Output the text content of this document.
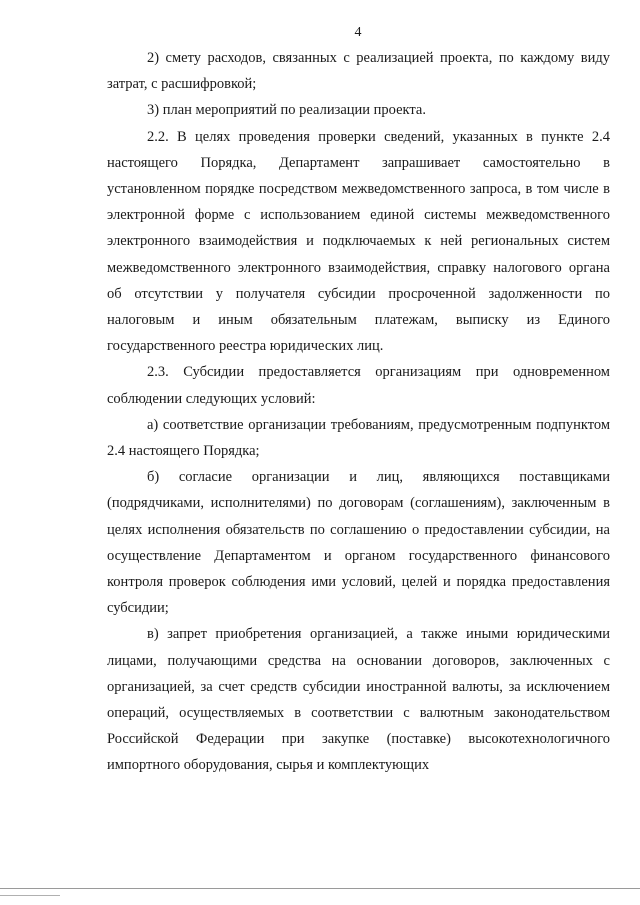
4

2) смету расходов, связанных с реализацией проекта, по каждому виду затрат, с расшифровкой;

3) план мероприятий по реализации проекта.

2.2. В целях проведения проверки сведений, указанных в пункте 2.4 настоящего Порядка, Департамент запрашивает самостоятельно в установленном порядке посредством межведомственного запроса, в том числе в электронной форме с использованием единой системы межведомственного электронного взаимодействия и подключаемых к ней региональных систем межведомственного электронного взаимодействия, справку налогового органа об отсутствии у получателя субсидии просроченной задолженности по налоговым и иным обязательным платежам, выписку из Единого государственного реестра юридических лиц.

2.3. Субсидии предоставляется организациям при одновременном соблюдении следующих условий:

а) соответствие организации требованиям, предусмотренным подпунктом 2.4 настоящего Порядка;

б) согласие организации и лиц, являющихся поставщиками (подрядчиками, исполнителями) по договорам (соглашениям), заключенным в целях исполнения обязательств по соглашению о предоставлении субсидии, на осуществление Департаментом и органом государственного финансового контроля проверок соблюдения ими условий, целей и порядка предоставления субсидии;

в) запрет приобретения организацией, а также иными юридическими лицами, получающими средства на основании договоров, заключенных с организацией, за счет средств субсидии иностранной валюты, за исключением операций, осуществляемых в соответствии с валютным законодательством Российской Федерации при закупке (поставке) высокотехнологичного импортного оборудования, сырья и комплектующих
